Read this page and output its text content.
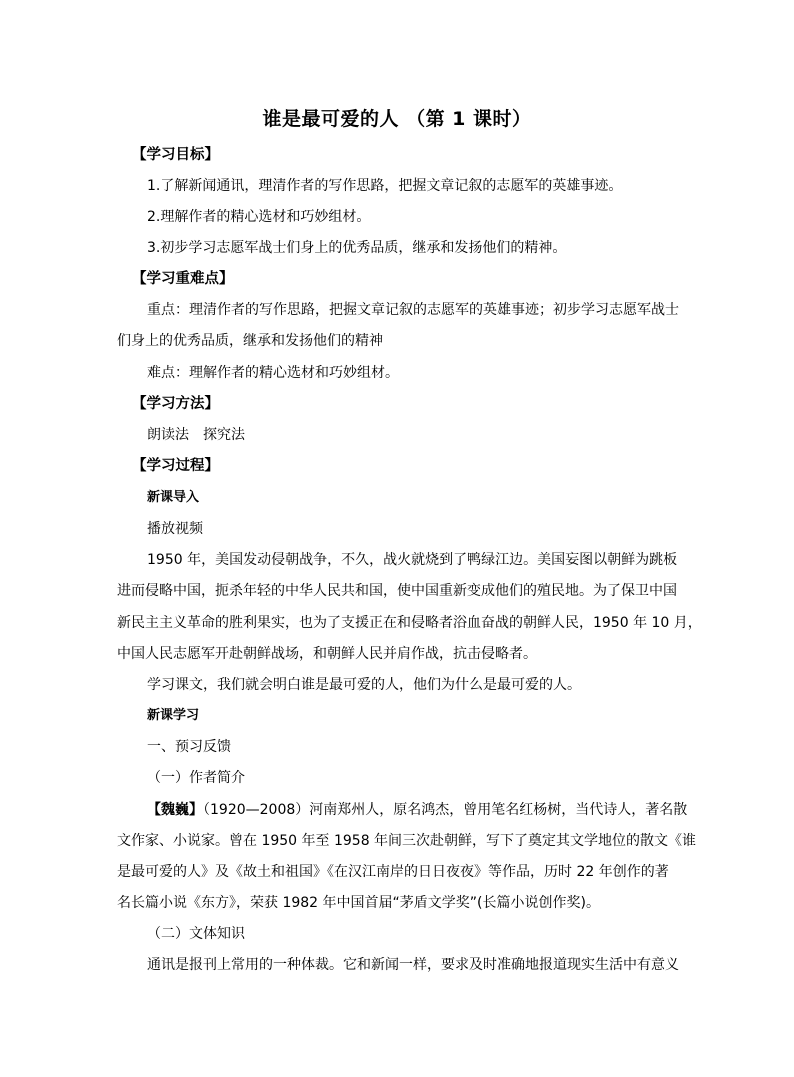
谁是最可爱的人 （第 1 课时）
【学习目标】
1.了解新闻通讯，理清作者的写作思路，把握文章记叙的志愿军的英雄事迹。
2.理解作者的精心选材和巧妙组材。
3.初步学习志愿军战士们身上的优秀品质，继承和发扬他们的精神。
【学习重难点】
重点：理清作者的写作思路，把握文章记叙的志愿军的英雄事迹；初步学习志愿军战士
们身上的优秀品质，继承和发扬他们的精神
难点：理解作者的精心选材和巧妙组材。
【学习方法】
朗读法　探究法
【学习过程】
新课导入
播放视频
1950 年，美国发动侵朝战争，不久，战火就烧到了鸭绿江边。美国妄图以朝鲜为跳板
进而侵略中国，扼杀年轻的中华人民共和国，使中国重新变成他们的殖民地。为了保卫中国
新民主主义革命的胜利果实，也为了支援正在和侵略者浴血奋战的朝鲜人民，1950 年 10 月，
中国人民志愿军开赴朝鲜战场，和朝鲜人民并肩作战，抗击侵略者。
学习课文，我们就会明白谁是最可爱的人，他们为什么是最可爱的人。
新课学习
一、预习反馈
（一）作者简介
【魏巍】（1920—2008）河南郑州人，原名鸿杰，曾用笔名红杨树，当代诗人，著名散
文作家、小说家。曾在 1950 年至 1958 年间三次赴朝鲜，写下了奠定其文学地位的散文《谁
是最可爱的人》及《故土和祖国》《在汉江南岸的日日夜夜》等作品，历时 22 年创作的著
名长篇小说《东方》，荣获 1982 年中国首届“茅盾文学奖”(长篇小说创作奖)。
（二）文体知识
通讯是报刊上常用的一种体裁。它和新闻一样，要求及时准确地报道现实生活中有意义
